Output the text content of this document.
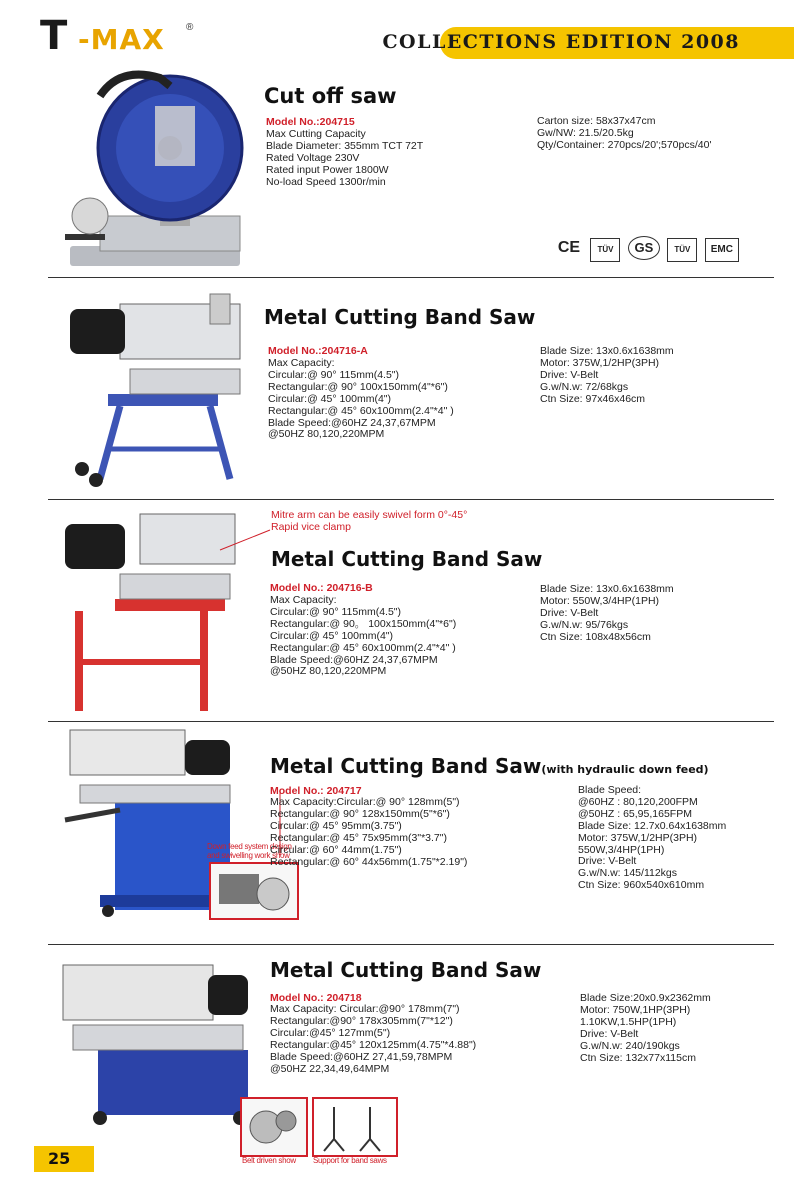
T -MAX ®
COLLECTIONS EDITION 2008
Cut off saw
Model No.:204715
Max Cutting Capacity
Blade Diameter: 355mm TCT 72T
Rated Voltage 230V
Rated input Power 1800W
No-load Speed 1300r/min
Carton size: 58x37x47cm
Gw/NW: 21.5/20.5kg
Qty/Container: 270pcs/20';570pcs/40'
CE TÜV GS	TÜV EMC
Metal Cutting Band Saw
Model No.:204716-A
Max Capacity:
Circular:@ 90° 115mm(4.5")
Rectangular:@ 90° 100x150mm(4"*6")
Circular:@ 45° 100mm(4")
Rectangular:@ 45° 60x100mm(2.4"*4" )
Blade Speed:@60HZ 24,37,67MPM
@50HZ 80,120,220MPM
Blade Size: 13x0.6x1638mm
Motor: 375W,1/2HP(3PH)
Drive: V-Belt
G.w/N.w: 72/68kgs
Ctn Size: 97x46x46cm
Mitre arm can be easily swivel form 0°-45°
Rapid vice clamp
Metal Cutting Band Saw
Model No.: 204716-B
Max Capacity:
Circular:@ 90° 115mm(4.5")
Rectangular:@ 90。 100x150mm(4"*6")
Circular:@ 45° 100mm(4")
Rectangular:@ 45° 60x100mm(2.4"*4" )
Blade Speed:@60HZ 24,37,67MPM
@50HZ 80,120,220MPM
Blade Size: 13x0.6x1638mm
Motor: 550W,3/4HP(1PH)
Drive: V-Belt
G.w/N.w: 95/76kgs
Ctn Size: 108x48x56cm
Down feed system design
and swivelling work show
Metal Cutting Band Saw(with hydraulic down feed)
Model No.: 204717
Max Capacity:Circular:@ 90° 128mm(5")
Rectangular:@ 90° 128x150mm(5"*6")
Circular:@ 45° 95mm(3.75")
Rectangular:@ 45° 75x95mm(3"*3.7")
Circular:@ 60° 44mm(1.75")
Rectangular:@ 60° 44x56mm(1.75"*2.19")
Blade Speed:
@60HZ : 80,120,200FPM
@50HZ : 65,95,165FPM
Blade Size: 12.7x0.64x1638mm
Motor: 375W,1/2HP(3PH)
550W,3/4HP(1PH)
Drive: V-Belt
G.w/N.w: 145/112kgs
Ctn Size: 960x540x610mm
Belt driven show Support for band saws
Metal Cutting Band Saw
Model No.: 204718
Max Capacity: Circular:@90° 178mm(7")
Rectangular:@90° 178x305mm(7"*12")
Circular:@45° 127mm(5")
Rectangular:@45° 120x125mm(4.75"*4.88")
Blade Speed:@60HZ 27,41,59,78MPM
@50HZ 22,34,49,64MPM
Blade Size:20x0.9x2362mm
Motor: 750W,1HP(3PH)
1.10KW,1.5HP(1PH)
Drive: V-Belt
G.w/N.w: 240/190kgs
Ctn Size: 132x77x115cm
25
